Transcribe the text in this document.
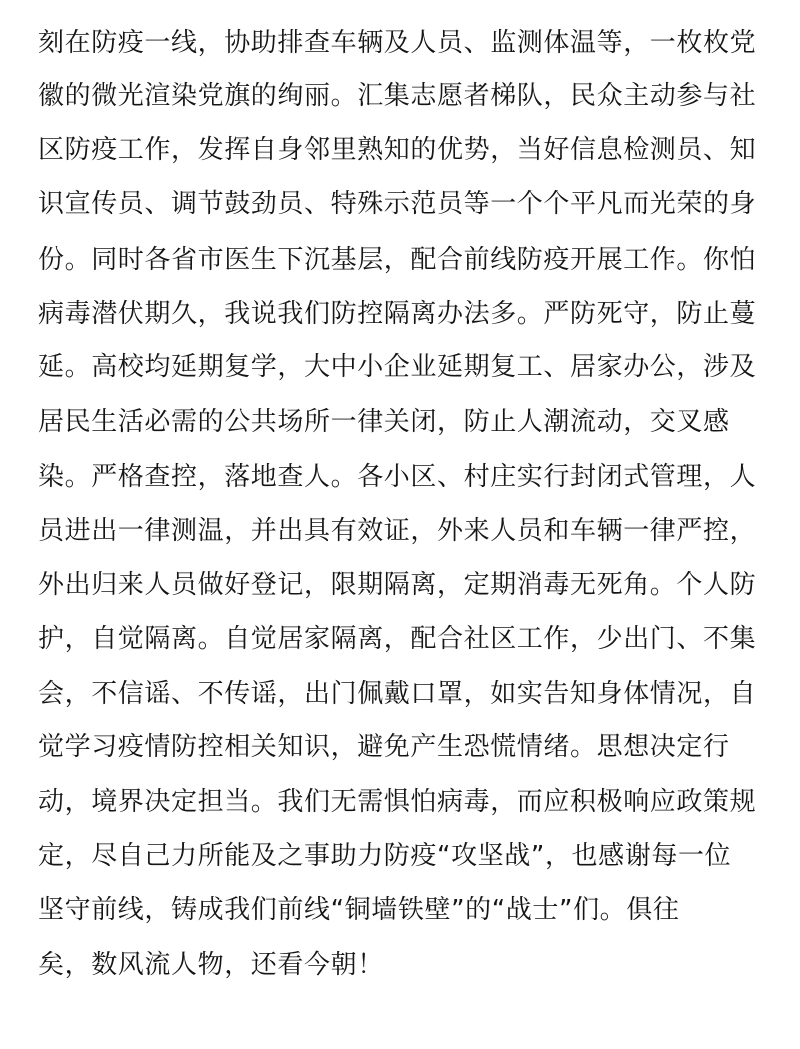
刻在防疫一线，协助排查车辆及人员、监测体温等，一枚枚党
徽的微光渲染党旗的绚丽。汇集志愿者梯队，民众主动参与社
区防疫工作，发挥自身邻里熟知的优势，当好信息检测员、知
识宣传员、调节鼓劲员、特殊示范员等一个个平凡而光荣的身
份。同时各省市医生下沉基层，配合前线防疫开展工作。你怕
病毒潜伏期久，我说我们防控隔离办法多。严防死守，防止蔓
延。高校均延期复学，大中小企业延期复工、居家办公，涉及
居民生活必需的公共场所一律关闭，防止人潮流动，交叉感
染。严格查控，落地查人。各小区、村庄实行封闭式管理，人
员进出一律测温，并出具有效证，外来人员和车辆一律严控，
外出归来人员做好登记，限期隔离，定期消毒无死角。个人防
护，自觉隔离。自觉居家隔离，配合社区工作，少出门、不集
会，不信谣、不传谣，出门佩戴口罩，如实告知身体情况，自
觉学习疫情防控相关知识，避免产生恐慌情绪。思想决定行
动，境界决定担当。我们无需惧怕病毒，而应积极响应政策规
定，尽自己力所能及之事助力防疫“攻坚战”，也感谢每一位
坚守前线，铸成我们前线“铜墙铁壁”的“战士”们。俱往
矣，数风流人物，还看今朝！
